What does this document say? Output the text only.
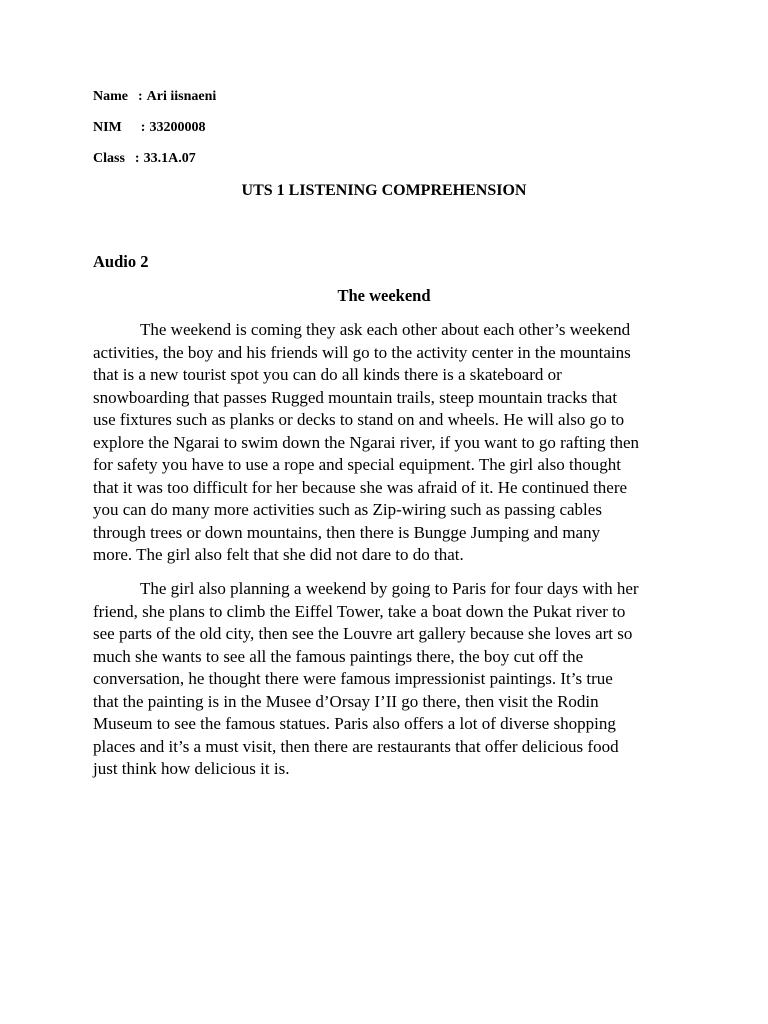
Name : Ari iisnaeni
NIM : 33200008
Class : 33.1A.07
UTS 1 LISTENING COMPREHENSION
Audio 2
The weekend
The weekend is coming they ask each other about each other’s weekend
activities, the boy and his friends will go to the activity center in the mountains
that is a new tourist spot you can do all kinds there is a skateboard or
snowboarding that passes Rugged mountain trails, steep mountain tracks that
use fixtures such as planks or decks to stand on and wheels. He will also go to
explore the Ngarai to swim down the Ngarai river, if you want to go rafting then
for safety you have to use a rope and special equipment. The girl also thought
that it was too difficult for her because she was afraid of it. He continued there
you can do many more activities such as Zip-wiring such as passing cables
through trees or down mountains, then there is Bungge Jumping and many
more. The girl also felt that she did not dare to do that.
The girl also planning a weekend by going to Paris for four days with her
friend, she plans to climb the Eiffel Tower, take a boat down the Pukat river to
see parts of the old city, then see the Louvre art gallery because she loves art so
much she wants to see all the famous paintings there, the boy cut off the
conversation, he thought there were famous impressionist paintings. It’s true
that the painting is in the Musee d’Orsay I’II go there, then visit the Rodin
Museum to see the famous statues. Paris also offers a lot of diverse shopping
places and it’s a must visit, then there are restaurants that offer delicious food
just think how delicious it is.
